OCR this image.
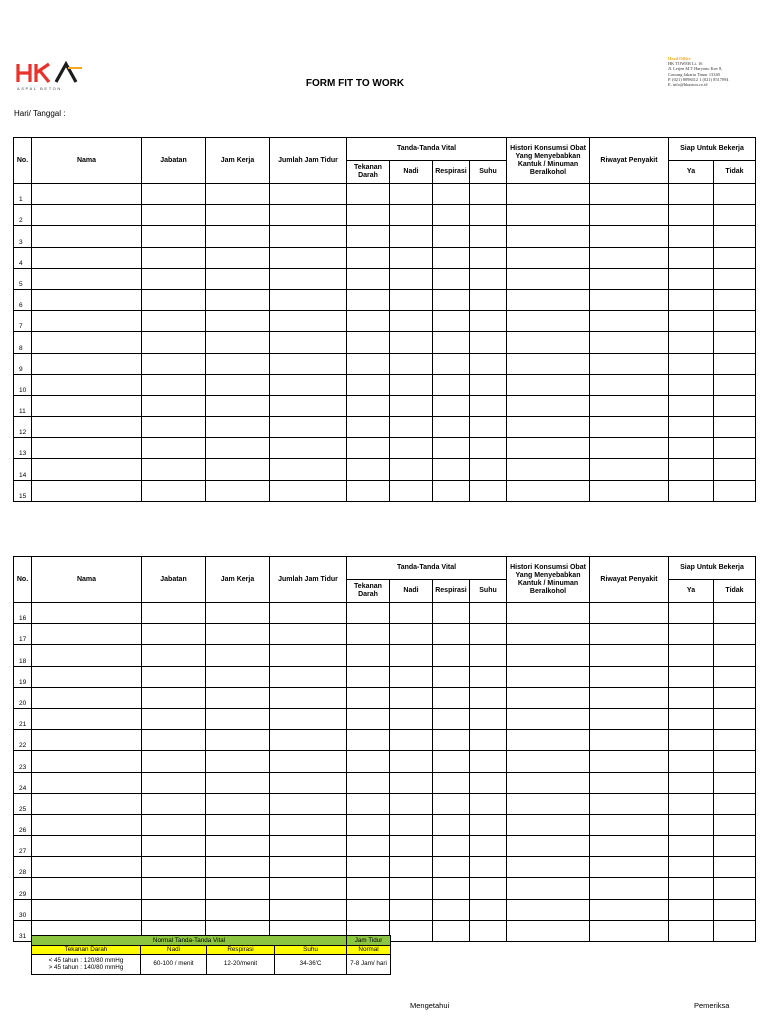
ASPAL BETON	FORM FIT TO WORK
Head Office
HK TOWER Lt. 16
Jl. Letjen M.T Haryono Kav 8,
Cawang Jakarta Timur 13340
P. (021) 8098412 1 (021) 8517094
E. info@hkaston.co.id
Hari/ Tanggal :
No.	Nama	Jabatan	Jam Kerja	Jumlah Jam Tidur	Tanda-Tanda Vital				Histori Konsumsi Obat Yang Menyebabkan Kantuk / Minuman Beralkohol	Riwayat Penyakit	Siap Untuk Bekerja	
					Tekanan Darah	Nadi	Respirasi	Suhu			Ya	Tidak
1												
2												
3												
4												
5												
6												
7												
8												
9												
10												
11												
12												
13												
14												
15												
No.	Nama	Jabatan	Jam Kerja	Jumlah Jam Tidur	Tanda-Tanda Vital				Histori Konsumsi Obat Yang Menyebabkan Kantuk / Minuman Beralkohol	Riwayat Penyakit	Siap Untuk Bekerja	
					Tekanan Darah	Nadi	Respirasi	Suhu			Ya	Tidak
16												
17												
18												
19												
20												
21												
22												
23												
24												
25												
26												
27												
28												
29												
30												
31												
Normal Tanda-Tanda Vital				Jam Tidur
Tekanan Darah	Nadi	Respirasi	Suhu	Normal

< 45 tahun : 120/80 mmHg
> 45 tahun : 140/80 mmHg	60-100 / menit	12-20/menit	34-36'C	7-8 Jam/ hari
Mengetahui	Pemeriksa
